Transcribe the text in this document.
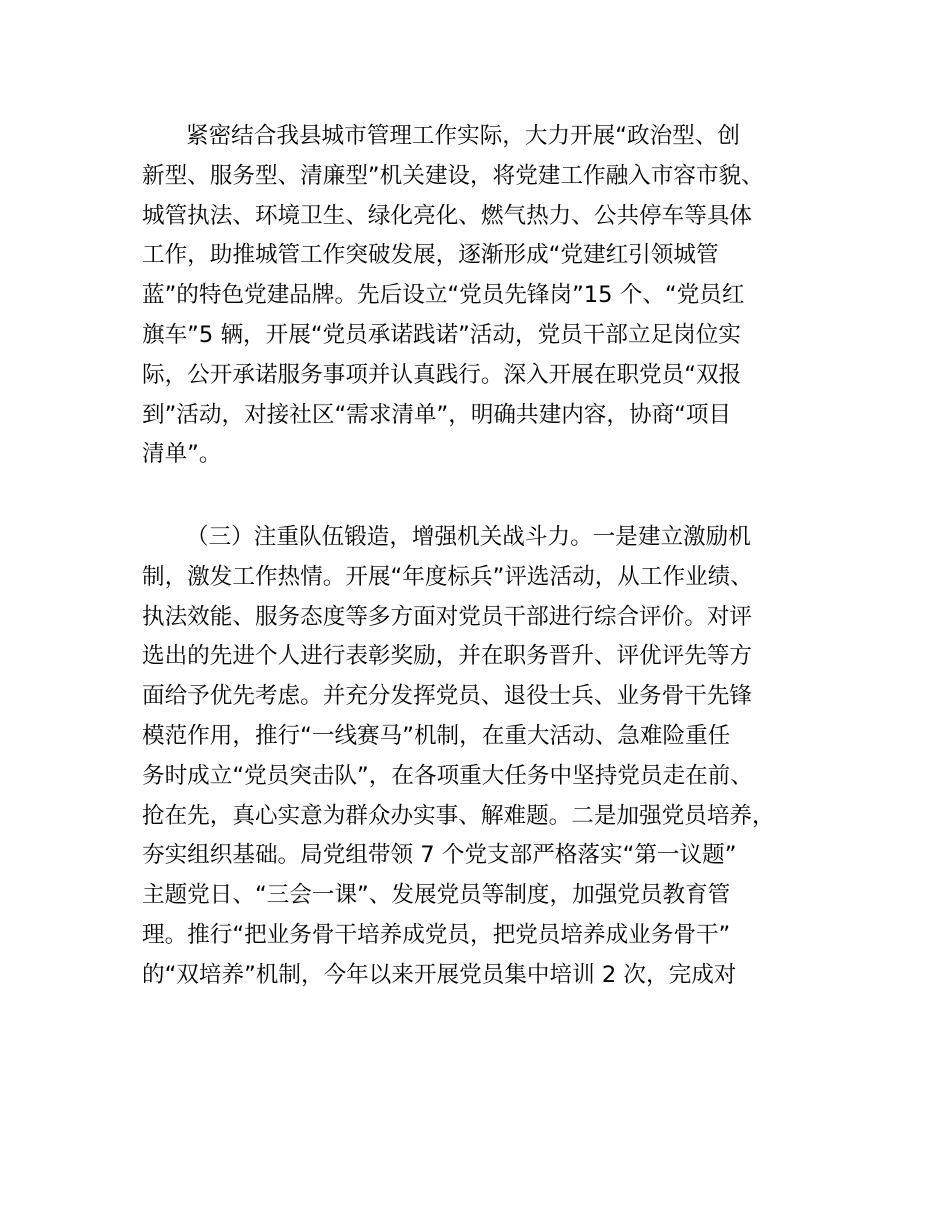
紧密结合我县城市管理工作实际，大力开展“政治型、创
新型、服务型、清廉型”机关建设，将党建工作融入市容市貌、
城管执法、环境卫生、绿化亮化、燃气热力、公共停车等具体
工作，助推城管工作突破发展，逐渐形成“党建红引领城管
蓝”的特色党建品牌。先后设立“党员先锋岗”15 个、“党员红
旗车”5 辆，开展“党员承诺践诺”活动，党员干部立足岗位实
际，公开承诺服务事项并认真践行。深入开展在职党员“双报
到”活动，对接社区“需求清单”，明确共建内容，协商“项目
清单”。
（三）注重队伍锻造，增强机关战斗力。一是建立激励机
制，激发工作热情。开展“年度标兵”评选活动，从工作业绩、
执法效能、服务态度等多方面对党员干部进行综合评价。对评
选出的先进个人进行表彰奖励，并在职务晋升、评优评先等方
面给予优先考虑。并充分发挥党员、退役士兵、业务骨干先锋
模范作用，推行“一线赛马”机制，在重大活动、急难险重任
务时成立“党员突击队”，在各项重大任务中坚持党员走在前、
抢在先，真心实意为群众办实事、解难题。二是加强党员培养，
夯实组织基础。局党组带领 7 个党支部严格落实“第一议题”
主题党日、“三会一课”、发展党员等制度，加强党员教育管
理。推行“把业务骨干培养成党员，把党员培养成业务骨干”
的“双培养”机制，今年以来开展党员集中培训 2 次，完成对
